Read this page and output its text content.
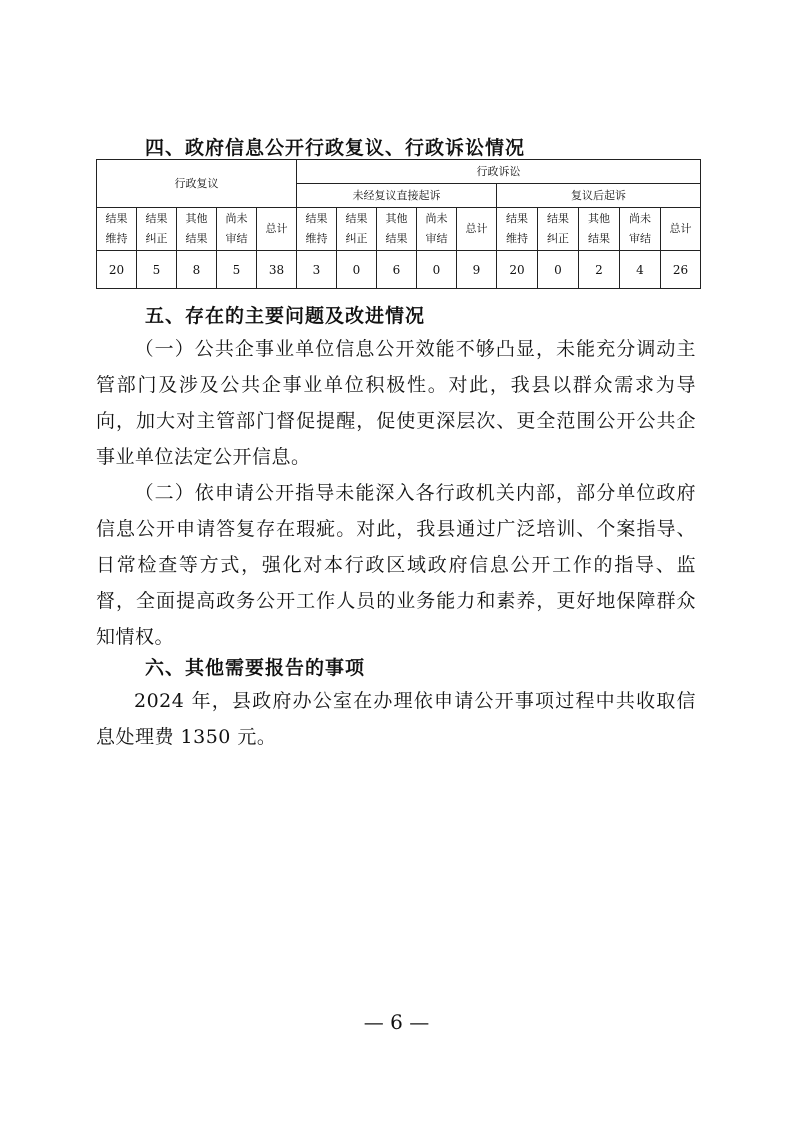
四、政府信息公开行政复议、行政诉讼情况
行政复议					行政诉讼									
					未经复议直接起诉					复议后起诉				

结果维持	结果纠正	其他结果	尚未审结	总计	结果维持	结果纠正	其他结果	尚未审结	总计	结果维持	结果纠正	其他结果	尚未审结	总计

20	5	8	5	38	3	0	6	0	9	20	0	2	4	26
五、存在的主要问题及改进情况

（一）公共企事业单位信息公开效能不够凸显，未能充分调动主管部门及涉及公共企事业单位积极性。对此，我县以群众需求为导向，加大对主管部门督促提醒，促使更深层次、更全范围公开公共企事业单位法定公开信息。

（二）依申请公开指导未能深入各行政机关内部，部分单位政府信息公开申请答复存在瑕疵。对此，我县通过广泛培训、个案指导、日常检查等方式，强化对本行政区域政府信息公开工作的指导、监督，全面提高政务公开工作人员的业务能力和素养，更好地保障群众知情权。

六、其他需要报告的事项

2024 年，县政府办公室在办理依申请公开事项过程中共收取信息处理费 1350 元。

— 6 —
